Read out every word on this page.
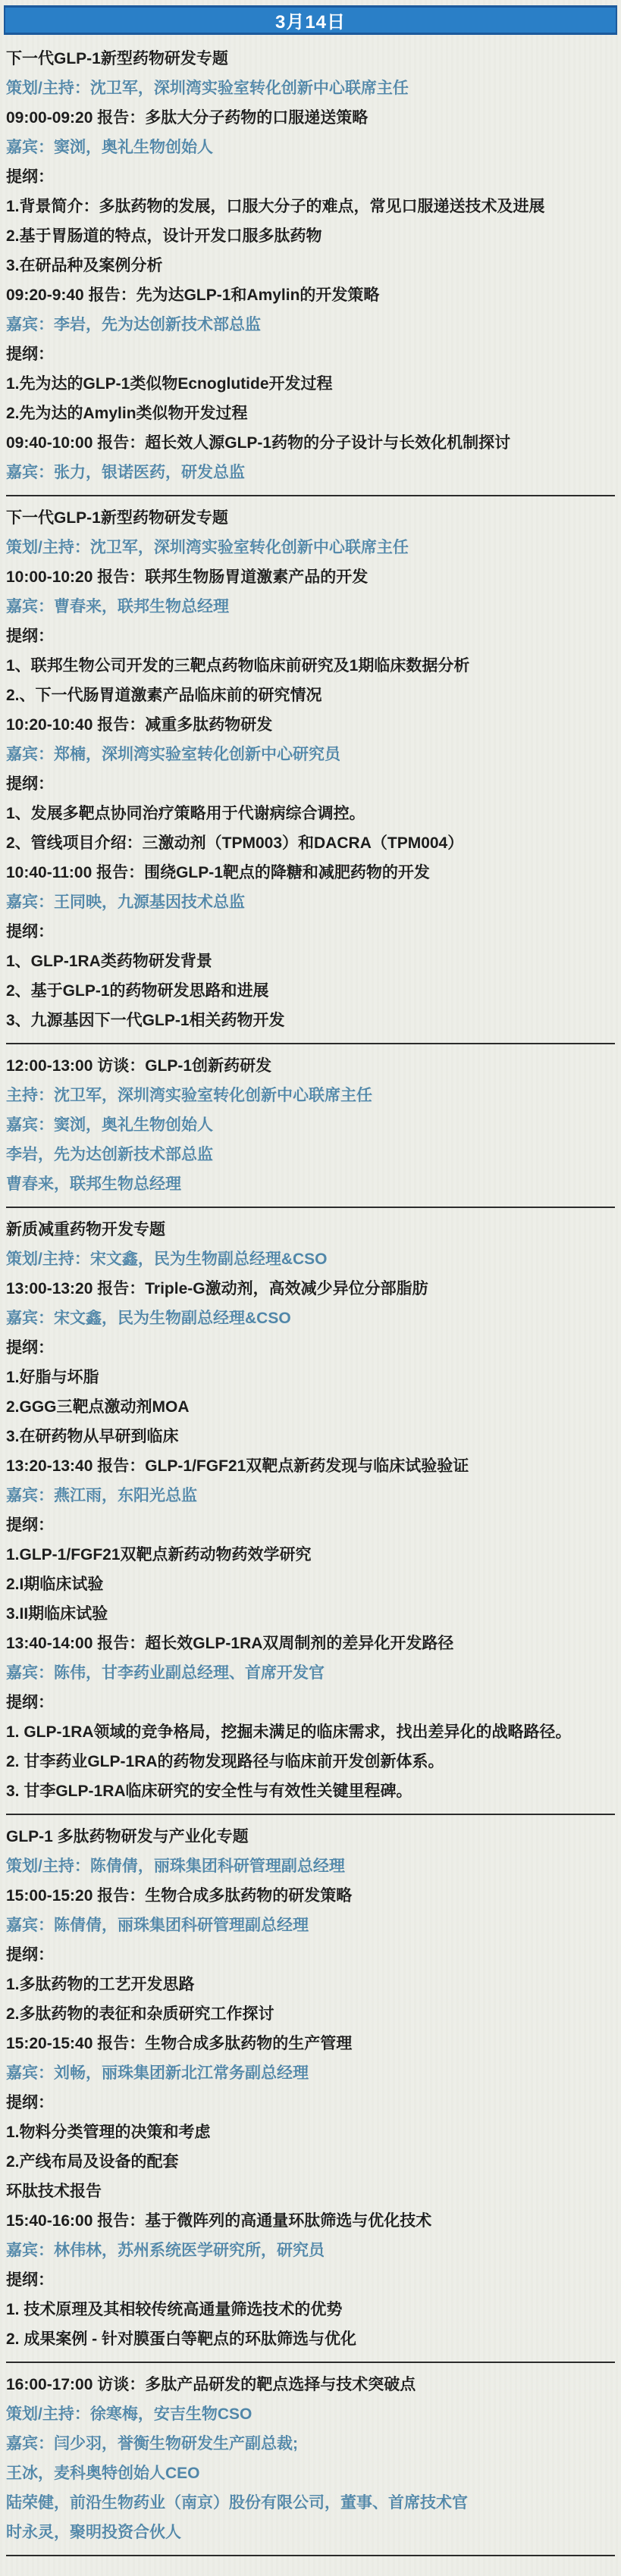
3月14日
下一代GLP-1新型药物研发专题
策划/主持：沈卫军，深圳湾实验室转化创新中心联席主任
09:00-09:20 报告：多肽大分子药物的口服递送策略
嘉宾：窦浏，奥礼生物创始人
提纲：
1.背景简介：多肽药物的发展，口服大分子的难点，常见口服递送技术及进展
2.基于胃肠道的特点，设计开发口服多肽药物
3.在研品种及案例分析
09:20-9:40 报告：先为达GLP-1和Amylin的开发策略
嘉宾：李岩，先为达创新技术部总监
提纲：
1.先为达的GLP-1类似物Ecnoglutide开发过程
2.先为达的Amylin类似物开发过程
09:40-10:00 报告：超长效人源GLP-1药物的分子设计与长效化机制探讨
嘉宾：张力，银诺医药，研发总监
下一代GLP-1新型药物研发专题
策划/主持：沈卫军，深圳湾实验室转化创新中心联席主任
10:00-10:20 报告：联邦生物肠胃道激素产品的开发
嘉宾：曹春来，联邦生物总经理
提纲：
1、联邦生物公司开发的三靶点药物临床前研究及1期临床数据分析
2.、下一代肠胃道激素产品临床前的研究情况
10:20-10:40 报告：减重多肽药物研发
嘉宾：郑楠，深圳湾实验室转化创新中心研究员
提纲：
1、发展多靶点协同治疗策略用于代谢病综合调控。
2、管线项目介绍：三激动剂（TPM003）和DACRA（TPM004）
10:40-11:00 报告：围绕GLP-1靶点的降糖和减肥药物的开发
嘉宾：王同映，九源基因技术总监
提纲：
1、GLP-1RA类药物研发背景
2、基于GLP-1的药物研发思路和进展
3、九源基因下一代GLP-1相关药物开发
12:00-13:00 访谈：GLP-1创新药研发
主持：沈卫军，深圳湾实验室转化创新中心联席主任
嘉宾：窦浏，奥礼生物创始人
李岩，先为达创新技术部总监
曹春来，联邦生物总经理
新质减重药物开发专题
策划/主持：宋文鑫，民为生物副总经理&CSO
13:00-13:20 报告：Triple-G激动剂，高效减少异位分部脂肪
嘉宾：宋文鑫，民为生物副总经理&CSO
提纲：
1.好脂与坏脂
2.GGG三靶点激动剂MOA
3.在研药物从早研到临床
13:20-13:40 报告：GLP-1/FGF21双靶点新药发现与临床试验验证
嘉宾：燕江雨，东阳光总监
提纲：
1.GLP-1/FGF21双靶点新药动物药效学研究
2.I期临床试验
3.II期临床试验
13:40-14:00 报告：超长效GLP-1RA双周制剂的差异化开发路径
嘉宾：陈伟，甘李药业副总经理、首席开发官
提纲：
1. GLP-1RA领域的竞争格局，挖掘未满足的临床需求，找出差异化的战略路径。
2. 甘李药业GLP-1RA的药物发现路径与临床前开发创新体系。
3. 甘李GLP-1RA临床研究的安全性与有效性关键里程碑。
GLP-1 多肽药物研发与产业化专题
策划/主持：陈倩倩，丽珠集团科研管理副总经理
15:00-15:20 报告：生物合成多肽药物的研发策略
嘉宾：陈倩倩，丽珠集团科研管理副总经理
提纲：
1.多肽药物的工艺开发思路
2.多肽药物的表征和杂质研究工作探讨
15:20-15:40 报告：生物合成多肽药物的生产管理
嘉宾：刘畅，丽珠集团新北江常务副总经理
提纲：
1.物料分类管理的决策和考虑
2.产线布局及设备的配套
环肽技术报告
15:40-16:00 报告：基于微阵列的高通量环肽筛选与优化技术
嘉宾：林伟林，苏州系统医学研究所，研究员
提纲：
1. 技术原理及其相较传统高通量筛选技术的优势
2. 成果案例 - 针对膜蛋白等靶点的环肽筛选与优化
16:00-17:00 访谈：多肽产品研发的靶点选择与技术突破点
策划/主持：徐寒梅，安吉生物CSO
嘉宾：闫少羽，誉衡生物研发生产副总裁;
王冰，麦科奥特创始人CEO
陆荣健，前沿生物药业（南京）股份有限公司，董事、首席技术官
时永灵，聚明投资合伙人
